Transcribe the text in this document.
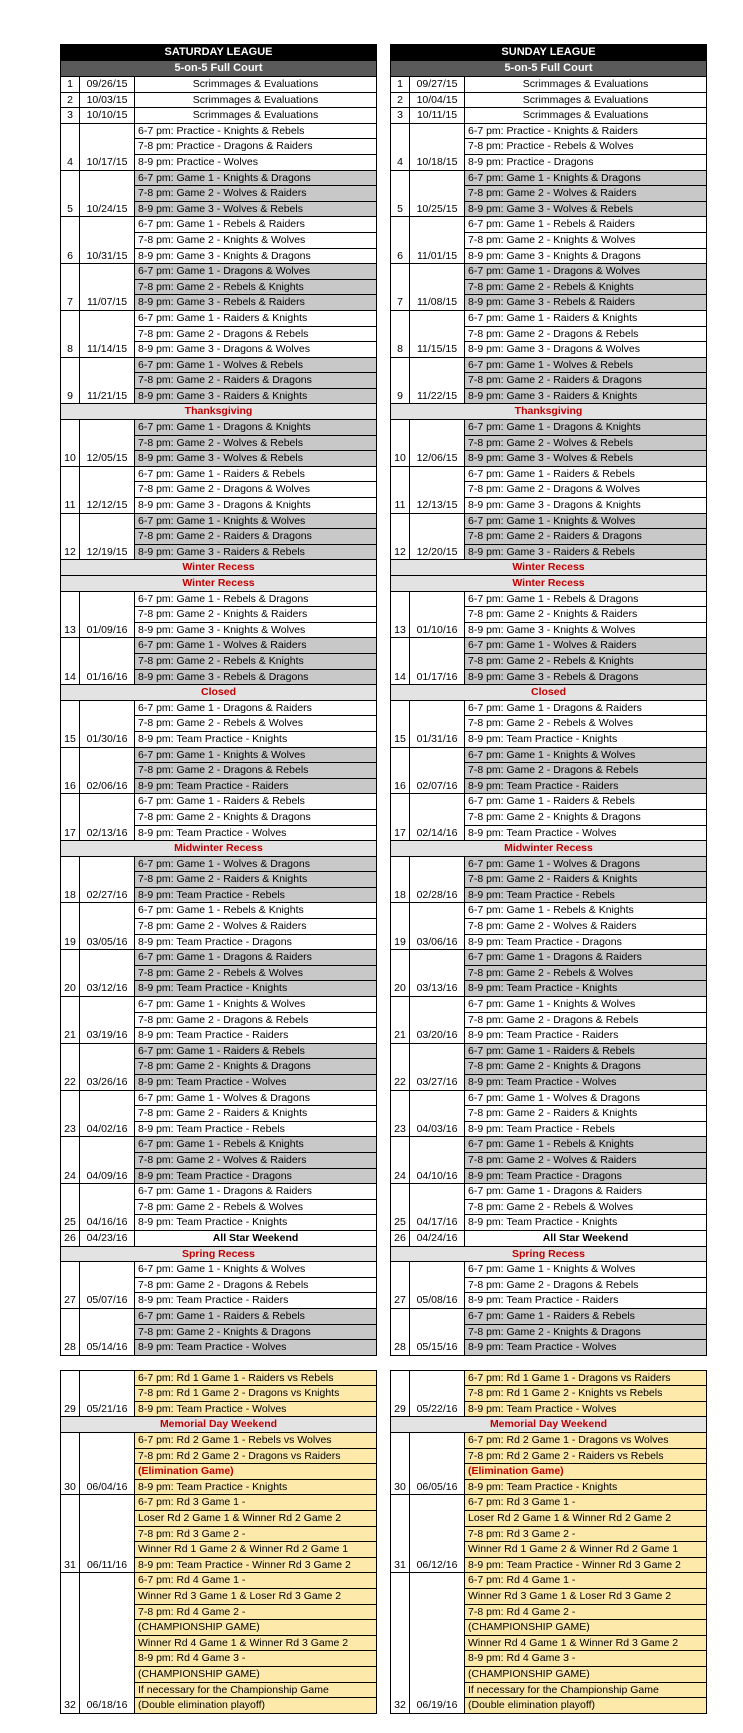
SATURDAY LEAGUE
5-on-5 Full Court
1	09/26/15	Scrimmages & Evaluations
2	10/03/15	Scrimmages & Evaluations
3	10/10/15	Scrimmages & Evaluations
4	10/17/15	6-7 pm: Practice - Knights & Rebels
		7-8 pm: Practice - Dragons & Raiders
		8-9 pm: Practice - Wolves
5	10/24/15	6-7 pm: Game 1 - Knights & Dragons
		7-8 pm: Game 2 - Wolves & Raiders
		8-9 pm: Game 3 - Wolves & Rebels
6	10/31/15	6-7 pm: Game 1 - Rebels & Raiders
		7-8 pm: Game 2 - Knights & Wolves
		8-9 pm: Game 3 - Knights & Dragons
7	11/07/15	6-7 pm: Game 1 - Dragons & Wolves
		7-8 pm: Game 2 - Rebels & Knights
		8-9 pm: Game 3 - Rebels & Raiders
8	11/14/15	6-7 pm: Game 1 - Raiders & Knights
		7-8 pm: Game 2 - Dragons & Rebels
		8-9 pm: Game 3 - Dragons & Wolves
9	11/21/15	6-7 pm: Game 1 - Wolves & Rebels
		7-8 pm: Game 2 - Raiders & Dragons
		8-9 pm: Game 3 - Raiders & Knights
Thanksgiving		
10	12/05/15	6-7 pm: Game 1 - Dragons & Knights
		7-8 pm: Game 2 - Wolves & Rebels
		8-9 pm: Game 3 - Wolves & Rebels
11	12/12/15	6-7 pm: Game 1 - Raiders & Rebels
		7-8 pm: Game 2 - Dragons & Wolves
		8-9 pm: Game 3 - Dragons & Knights
12	12/19/15	6-7 pm: Game 1 - Knights & Wolves
		7-8 pm: Game 2 - Raiders & Dragons
		8-9 pm: Game 3 - Raiders & Rebels
Winter Recess		
Winter Recess		
13	01/09/16	6-7 pm: Game 1 - Rebels & Dragons
		7-8 pm: Game 2 - Knights & Raiders
		8-9 pm: Game 3 - Knights & Wolves
14	01/16/16	6-7 pm: Game 1 - Wolves & Raiders
		7-8 pm: Game 2 - Rebels & Knights
		8-9 pm: Game 3 - Rebels & Dragons
Closed		
15	01/30/16	6-7 pm: Game 1 - Dragons & Raiders
		7-8 pm: Game 2 - Rebels & Wolves
		8-9 pm: Team Practice - Knights
16	02/06/16	6-7 pm: Game 1 - Knights & Wolves
		7-8 pm: Game 2 - Dragons & Rebels
		8-9 pm: Team Practice - Raiders
17	02/13/16	6-7 pm: Game 1 - Raiders & Rebels
		7-8 pm: Game 2 - Knights & Dragons
		8-9 pm: Team Practice - Wolves
Midwinter Recess		
18	02/27/16	6-7 pm: Game 1 - Wolves & Dragons
		7-8 pm: Game 2 - Raiders & Knights
		8-9 pm: Team Practice - Rebels
19	03/05/16	6-7 pm: Game 1 - Rebels & Knights
		7-8 pm: Game 2 - Wolves & Raiders
		8-9 pm: Team Practice - Dragons
20	03/12/16	6-7 pm: Game 1 - Dragons & Raiders
		7-8 pm: Game 2 - Rebels & Wolves
		8-9 pm: Team Practice - Knights
21	03/19/16	6-7 pm: Game 1 - Knights & Wolves
		7-8 pm: Game 2 - Dragons & Rebels
		8-9 pm: Team Practice - Raiders
22	03/26/16	6-7 pm: Game 1 - Raiders & Rebels
		7-8 pm: Game 2 - Knights & Dragons
		8-9 pm: Team Practice - Wolves
23	04/02/16	6-7 pm: Game 1 - Wolves & Dragons
		7-8 pm: Game 2 - Raiders & Knights
		8-9 pm: Team Practice - Rebels
24	04/09/16	6-7 pm: Game 1 - Rebels & Knights
		7-8 pm: Game 2 - Wolves & Raiders
		8-9 pm: Team Practice - Dragons
25	04/16/16	6-7 pm: Game 1 - Dragons & Raiders
		7-8 pm: Game 2 - Rebels & Wolves
		8-9 pm: Team Practice - Knights
26	04/23/16	All Star Weekend
Spring Recess		
27	05/07/16	6-7 pm: Game 1 - Knights & Wolves
		7-8 pm: Game 2 - Dragons & Rebels
		8-9 pm: Team Practice - Raiders
28	05/14/16	6-7 pm: Game 1 - Raiders & Rebels
		7-8 pm: Game 2 - Knights & Dragons
		8-9 pm: Team Practice - Wolves
29	05/21/16	6-7 pm: Rd 1 Game 1 - Raiders vs Rebels
		7-8 pm: Rd 1 Game 2 - Dragons vs Knights
		8-9 pm: Team Practice - Wolves
Memorial Day Weekend		
30	06/04/16	6-7 pm: Rd 2 Game 1 - Rebels vs Wolves
		7-8 pm: Rd 2 Game 2 - Dragons vs Raiders
		(Elimination Game)
		8-9 pm: Team Practice - Knights
31	06/11/16	6-7 pm: Rd 3 Game 1 -
		Loser Rd 2 Game 1 & Winner Rd 2 Game 2
		7-8 pm: Rd 3 Game 2 -
		Winner Rd 1 Game 2 & Winner Rd 2 Game 1
		8-9 pm: Team Practice - Winner Rd 3 Game 2
32	06/18/16	6-7 pm: Rd 4 Game 1 -
		Winner Rd 3 Game 1 & Loser Rd 3 Game 2
		7-8 pm: Rd 4 Game 2 -
		(CHAMPIONSHIP GAME)
		Winner Rd 4 Game 1 & Winner Rd 3 Game 2
		8-9 pm: Rd 4 Game 3 -
		(CHAMPIONSHIP GAME)
		If necessary for the Championship Game
		(Double elimination playoff)
SUNDAY LEAGUE
5-on-5 Full Court
1	09/27/15	Scrimmages & Evaluations
2	10/04/15	Scrimmages & Evaluations
3	10/11/15	Scrimmages & Evaluations
4	10/18/15	6-7 pm: Practice - Knights & Raiders
		7-8 pm: Practice - Rebels & Wolves
		8-9 pm: Practice - Dragons
5	10/25/15	6-7 pm: Game 1 - Knights & Dragons
		7-8 pm: Game 2 - Wolves & Raiders
		8-9 pm: Game 3 - Wolves & Rebels
6	11/01/15	6-7 pm: Game 1 - Rebels & Raiders
		7-8 pm: Game 2 - Knights & Wolves
		8-9 pm: Game 3 - Knights & Dragons
7	11/08/15	6-7 pm: Game 1 - Dragons & Wolves
		7-8 pm: Game 2 - Rebels & Knights
		8-9 pm: Game 3 - Rebels & Raiders
8	11/15/15	6-7 pm: Game 1 - Raiders & Knights
		7-8 pm: Game 2 - Dragons & Rebels
		8-9 pm: Game 3 - Dragons & Wolves
9	11/22/15	6-7 pm: Game 1 - Wolves & Rebels
		7-8 pm: Game 2 - Raiders & Dragons
		8-9 pm: Game 3 - Raiders & Knights
Thanksgiving		
10	12/06/15	6-7 pm: Game 1 - Dragons & Knights
		7-8 pm: Game 2 - Wolves & Rebels
		8-9 pm: Game 3 - Wolves & Rebels
11	12/13/15	6-7 pm: Game 1 - Raiders & Rebels
		7-8 pm: Game 2 - Dragons & Wolves
		8-9 pm: Game 3 - Dragons & Knights
12	12/20/15	6-7 pm: Game 1 - Knights & Wolves
		7-8 pm: Game 2 - Raiders & Dragons
		8-9 pm: Game 3 - Raiders & Rebels
Winter Recess		
Winter Recess		
13	01/10/16	6-7 pm: Game 1 - Rebels & Dragons
		7-8 pm: Game 2 - Knights & Raiders
		8-9 pm: Game 3 - Knights & Wolves
14	01/17/16	6-7 pm: Game 1 - Wolves & Raiders
		7-8 pm: Game 2 - Rebels & Knights
		8-9 pm: Game 3 - Rebels & Dragons
Closed		
15	01/31/16	6-7 pm: Game 1 - Dragons & Raiders
		7-8 pm: Game 2 - Rebels & Wolves
		8-9 pm: Team Practice - Knights
16	02/07/16	6-7 pm: Game 1 - Knights & Wolves
		7-8 pm: Game 2 - Dragons & Rebels
		8-9 pm: Team Practice - Raiders
17	02/14/16	6-7 pm: Game 1 - Raiders & Rebels
		7-8 pm: Game 2 - Knights & Dragons
		8-9 pm: Team Practice - Wolves
Midwinter Recess		
18	02/28/16	6-7 pm: Game 1 - Wolves & Dragons
		7-8 pm: Game 2 - Raiders & Knights
		8-9 pm: Team Practice - Rebels
19	03/06/16	6-7 pm: Game 1 - Rebels & Knights
		7-8 pm: Game 2 - Wolves & Raiders
		8-9 pm: Team Practice - Dragons
20	03/13/16	6-7 pm: Game 1 - Dragons & Raiders
		7-8 pm: Game 2 - Rebels & Wolves
		8-9 pm: Team Practice - Knights
21	03/20/16	6-7 pm: Game 1 - Knights & Wolves
		7-8 pm: Game 2 - Dragons & Rebels
		8-9 pm: Team Practice - Raiders
22	03/27/16	6-7 pm: Game 1 - Raiders & Rebels
		7-8 pm: Game 2 - Knights & Dragons
		8-9 pm: Team Practice - Wolves
23	04/03/16	6-7 pm: Game 1 - Wolves & Dragons
		7-8 pm: Game 2 - Raiders & Knights
		8-9 pm: Team Practice - Rebels
24	04/10/16	6-7 pm: Game 1 - Rebels & Knights
		7-8 pm: Game 2 - Wolves & Raiders
		8-9 pm: Team Practice - Dragons
25	04/17/16	6-7 pm: Game 1 - Dragons & Raiders
		7-8 pm: Game 2 - Rebels & Wolves
		8-9 pm: Team Practice - Knights
26	04/24/16	All Star Weekend
Spring Recess		
27	05/08/16	6-7 pm: Game 1 - Knights & Wolves
		7-8 pm: Game 2 - Dragons & Rebels
		8-9 pm: Team Practice - Raiders
28	05/15/16	6-7 pm: Game 1 - Raiders & Rebels
		7-8 pm: Game 2 - Knights & Dragons
		8-9 pm: Team Practice - Wolves
29	05/22/16	6-7 pm: Rd 1 Game 1 - Dragons vs Raiders
		7-8 pm: Rd 1 Game 2 - Knights vs Rebels
		8-9 pm: Team Practice - Wolves
Memorial Day Weekend		
30	06/05/16	6-7 pm: Rd 2 Game 1 - Dragons vs Wolves
		7-8 pm: Rd 2 Game 2 - Raiders vs Rebels
		(Elimination Game)
		8-9 pm: Team Practice - Knights
31	06/12/16	6-7 pm: Rd 3 Game 1 -
		Loser Rd 2 Game 1 & Winner Rd 2 Game 2
		7-8 pm: Rd 3 Game 2 -
		Winner Rd 1 Game 2 & Winner Rd 2 Game 1
		8-9 pm: Team Practice - Winner Rd 3 Game 2
32	06/19/16	6-7 pm: Rd 4 Game 1 -
		Winner Rd 3 Game 1 & Loser Rd 3 Game 2
		7-8 pm: Rd 4 Game 2 -
		(CHAMPIONSHIP GAME)
		Winner Rd 4 Game 1 & Winner Rd 3 Game 2
		8-9 pm: Rd 4 Game 3 -
		(CHAMPIONSHIP GAME)
		If necessary for the Championship Game
		(Double elimination playoff)
